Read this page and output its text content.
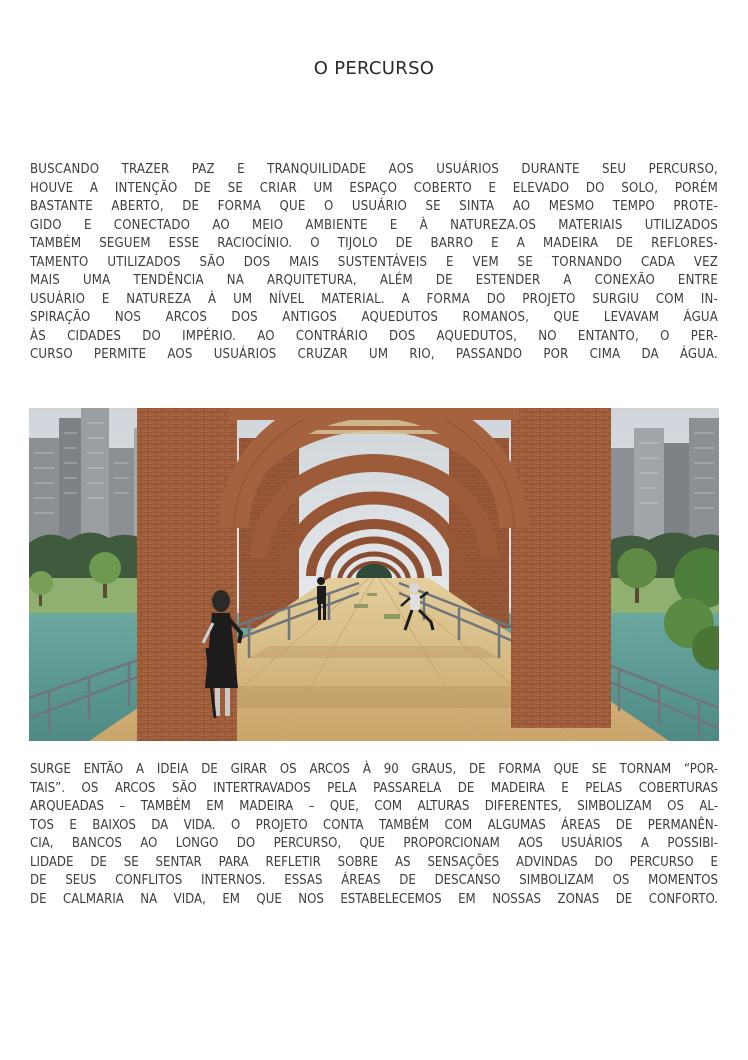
O PERCURSO
BUSCANDO TRAZER PAZ E TRANQUILIDADE AOS USUÁRIOS DURANTE SEU PERCURSO,
HOUVE A INTENÇÃO DE SE CRIAR UM ESPAÇO COBERTO E ELEVADO DO SOLO, PORÉM
BASTANTE ABERTO, DE FORMA QUE O USUÁRIO SE SINTA AO MESMO TEMPO PROTE-
GIDO E CONECTADO AO MEIO AMBIENTE E À NATUREZA.OS MATERIAIS UTILIZADOS
TAMBÉM SEGUEM ESSE RACIOCÍNIO. O TIJOLO DE BARRO E A MADEIRA DE REFLORES-
TAMENTO UTILIZADOS SÃO DOS MAIS SUSTENTÁVEIS E VEM SE TORNANDO CADA VEZ
MAIS UMA TENDÊNCIA NA ARQUITETURA, ALÉM DE ESTENDER A CONEXÃO ENTRE
USUÁRIO E NATUREZA À UM NÍVEL MATERIAL. A FORMA DO PROJETO SURGIU COM IN-
SPIRAÇÃO NOS ARCOS DOS ANTIGOS AQUEDUTOS ROMANOS, QUE LEVAVAM ÁGUA
ÀS CIDADES DO IMPÉRIO. AO CONTRÁRIO DOS AQUEDUTOS, NO ENTANTO, O PER-
CURSO PERMITE AOS USUÁRIOS CRUZAR UM RIO, PASSANDO POR CIMA DA ÁGUA.
SURGE ENTÃO A IDEIA DE GIRAR OS ARCOS À 90 GRAUS, DE FORMA QUE SE TORNAM “POR-
TAIS”. OS ARCOS SÃO INTERTRAVADOS PELA PASSARELA DE MADEIRA E PELAS COBERTURAS
ARQUEADAS – TAMBÉM EM MADEIRA – QUE, COM ALTURAS DIFERENTES, SIMBOLIZAM OS AL-
TOS E BAIXOS DA VIDA. O PROJETO CONTA TAMBÉM COM ALGUMAS ÁREAS DE PERMANÊN-
CIA, BANCOS AO LONGO DO PERCURSO, QUE PROPORCIONAM AOS USUÁRIOS A POSSIBI-
LIDADE DE SE SENTAR PARA REFLETIR SOBRE AS SENSAÇÕES ADVINDAS DO PERCURSO E
DE SEUS CONFLITOS INTERNOS. ESSAS ÁREAS DE DESCANSO SIMBOLIZAM OS MOMENTOS
DE CALMARIA NA VIDA, EM QUE NOS ESTABELECEMOS EM NOSSAS ZONAS DE CONFORTO.
